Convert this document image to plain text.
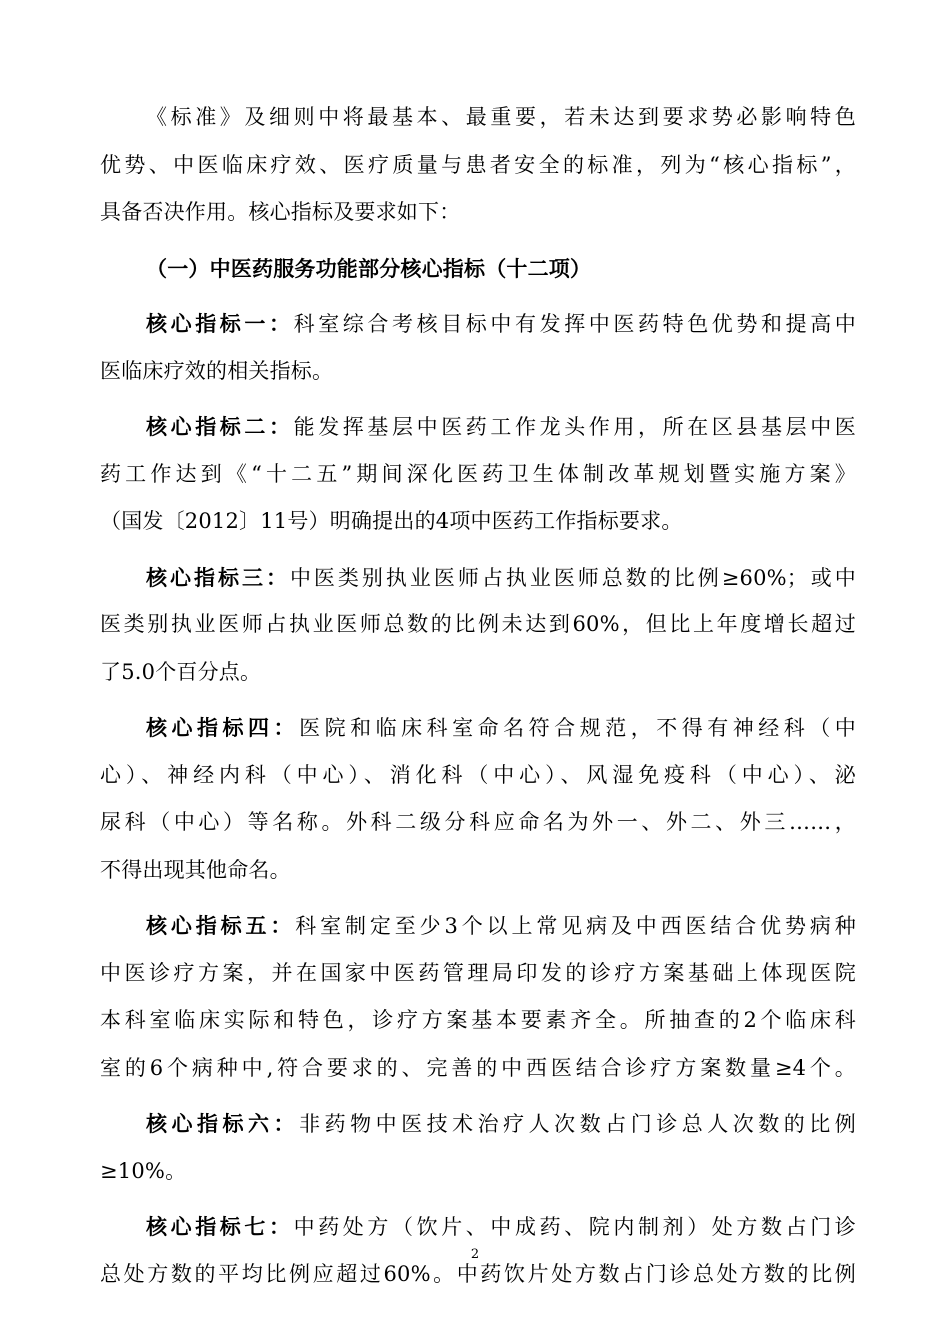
《标准》及细则中将最基本、最重要，若未达到要求势必影响特色
优势、中医临床疗效、医疗质量与患者安全的标准，列为“核心指标”，
具备否决作用。核心指标及要求如下：
（一）中医药服务功能部分核心指标（十二项）
核心指标一：科室综合考核目标中有发挥中医药特色优势和提高中
医临床疗效的相关指标。
核心指标二：能发挥基层中医药工作龙头作用，所在区县基层中医
药工作达到《“十二五”期间深化医药卫生体制改革规划暨实施方案》
（国发〔2012〕11号）明确提出的4项中医药工作指标要求。
核心指标三：中医类别执业医师占执业医师总数的比例≥60%；或中
医类别执业医师占执业医师总数的比例未达到60%，但比上年度增长超过
了5.0个百分点。
核心指标四：医院和临床科室命名符合规范，不得有神经科（中
心）、神经内科（中心）、消化科（中心）、风湿免疫科（中心）、泌
尿科（中心）等名称。外科二级分科应命名为外一、外二、外三……，
不得出现其他命名。
核心指标五：科室制定至少3个以上常见病及中西医结合优势病种
中医诊疗方案，并在国家中医药管理局印发的诊疗方案基础上体现医院
本科室临床实际和特色，诊疗方案基本要素齐全。所抽查的2个临床科
室的6个病种中,符合要求的、完善的中西医结合诊疗方案数量≥4个。
核心指标六：非药物中医技术治疗人次数占门诊总人次数的比例
≥10%。
核心指标七：中药处方（饮片、中成药、院内制剂）处方数占门诊
总处方数的平均比例应超过60%。中药饮片处方数占门诊总处方数的比例
2
